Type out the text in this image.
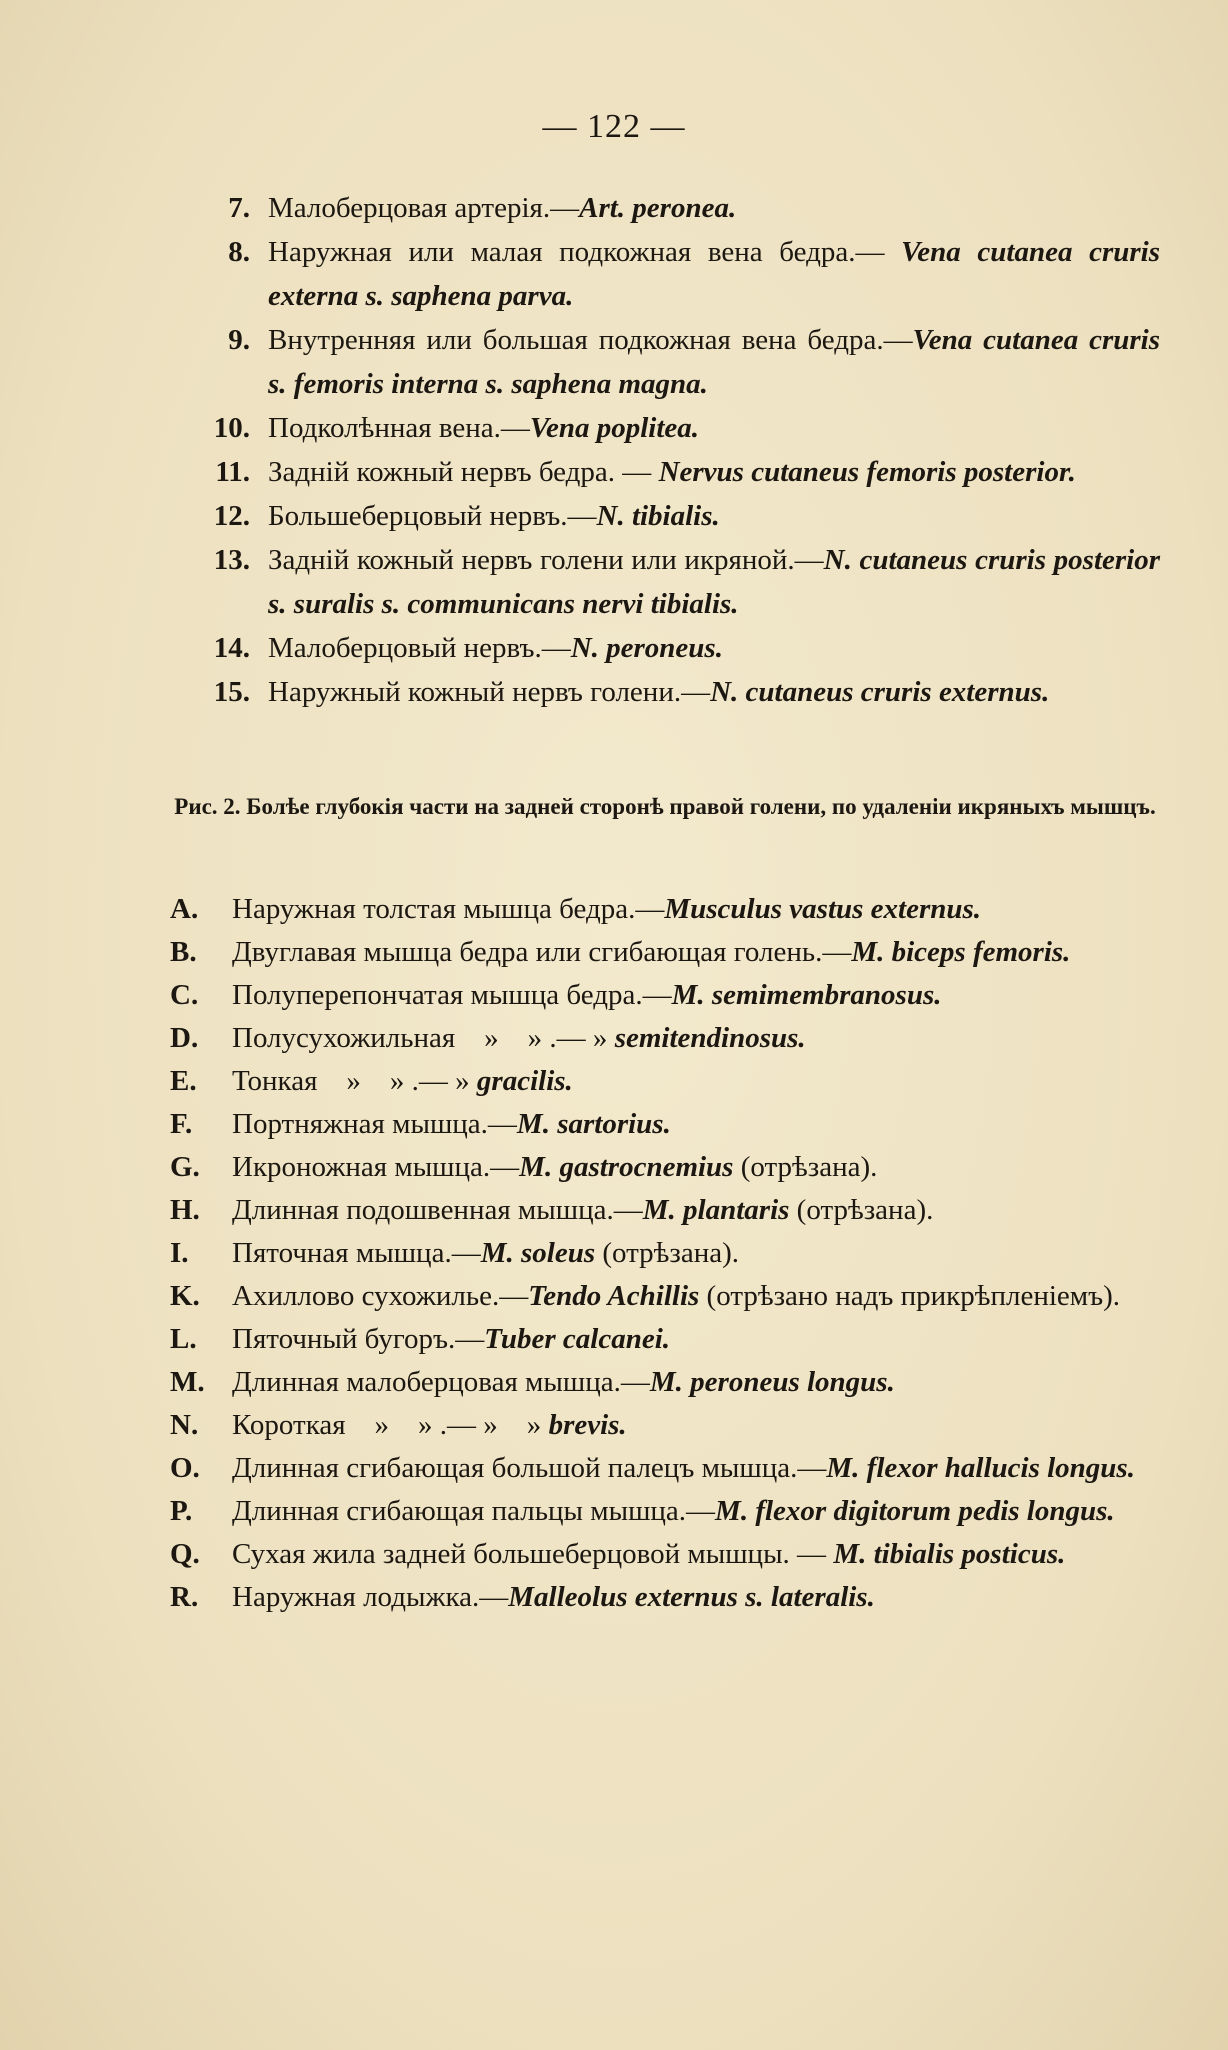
— 122 —
7. Малоберцовая артерія.—Art. peronea.
8. Наружная или малая подкожная вена бедра.— Vena cutanea cruris externa s. saphena parva.
9. Внутренняя или большая подкожная вена бедра.—Vena cutanea cruris s. femoris interna s. saphena magna.
10. Подколѣнная вена.—Vena poplitea.
11. Задній кожный нервъ бедра. — Nervus cutaneus femoris posterior.
12. Большеберцовый нервъ.—N. tibialis.
13. Задній кожный нервъ голени или икряной.—N. cutaneus cruris posterior s. suralis s. communicans nervi tibialis.
14. Малоберцовый нервъ.—N. peroneus.
15. Наружный кожный нервъ голени.—N. cutaneus cruris externus.
Рис. 2. Болѣе глубокія части на задней сторонѣ правой голени, по удаленіи икряныхъ мышцъ.
A.	Наружная толстая мышца бедра.—Musculus vastus externus.
B.	Двуглавая мышца бедра или сгибающая голень.—M. biceps femoris.
C.	Полуперепончатая мышца бедра.—M. semimembranosus.
D.	Полусухожильная    »    » .— » semitendinosus.
E.	Тонкая    »    » .— » gracilis.
F.	Портняжная мышца.—M. sartorius.
G.	Икроножная мышца.—M. gastrocnemius (отрѣзана).
H.	Длинная подошвенная мышца.—M. plantaris (отрѣзана).
I.	Пяточная мышца.—M. soleus (отрѣзана).
K.	Ахиллово сухожилье.—Tendo Achillis (отрѣзано надъ прикрѣпленіемъ).
L.	Пяточный бугоръ.—Tuber calcanei.
M. Длинная малоберцовая мышца.—M. peroneus longus.
N.	Короткая    »    » .— »    » brevis.
O.	Длинная сгибающая большой палецъ мышца.—M. flexor hallucis longus.
P.	Длинная сгибающая пальцы мышца.—M. flexor digitorum pedis longus.
Q.	Сухая жила задней большеберцовой мышцы. — M. tibialis posticus.
R.	Наружная лодыжка.—Malleolus externus s. lateralis.
